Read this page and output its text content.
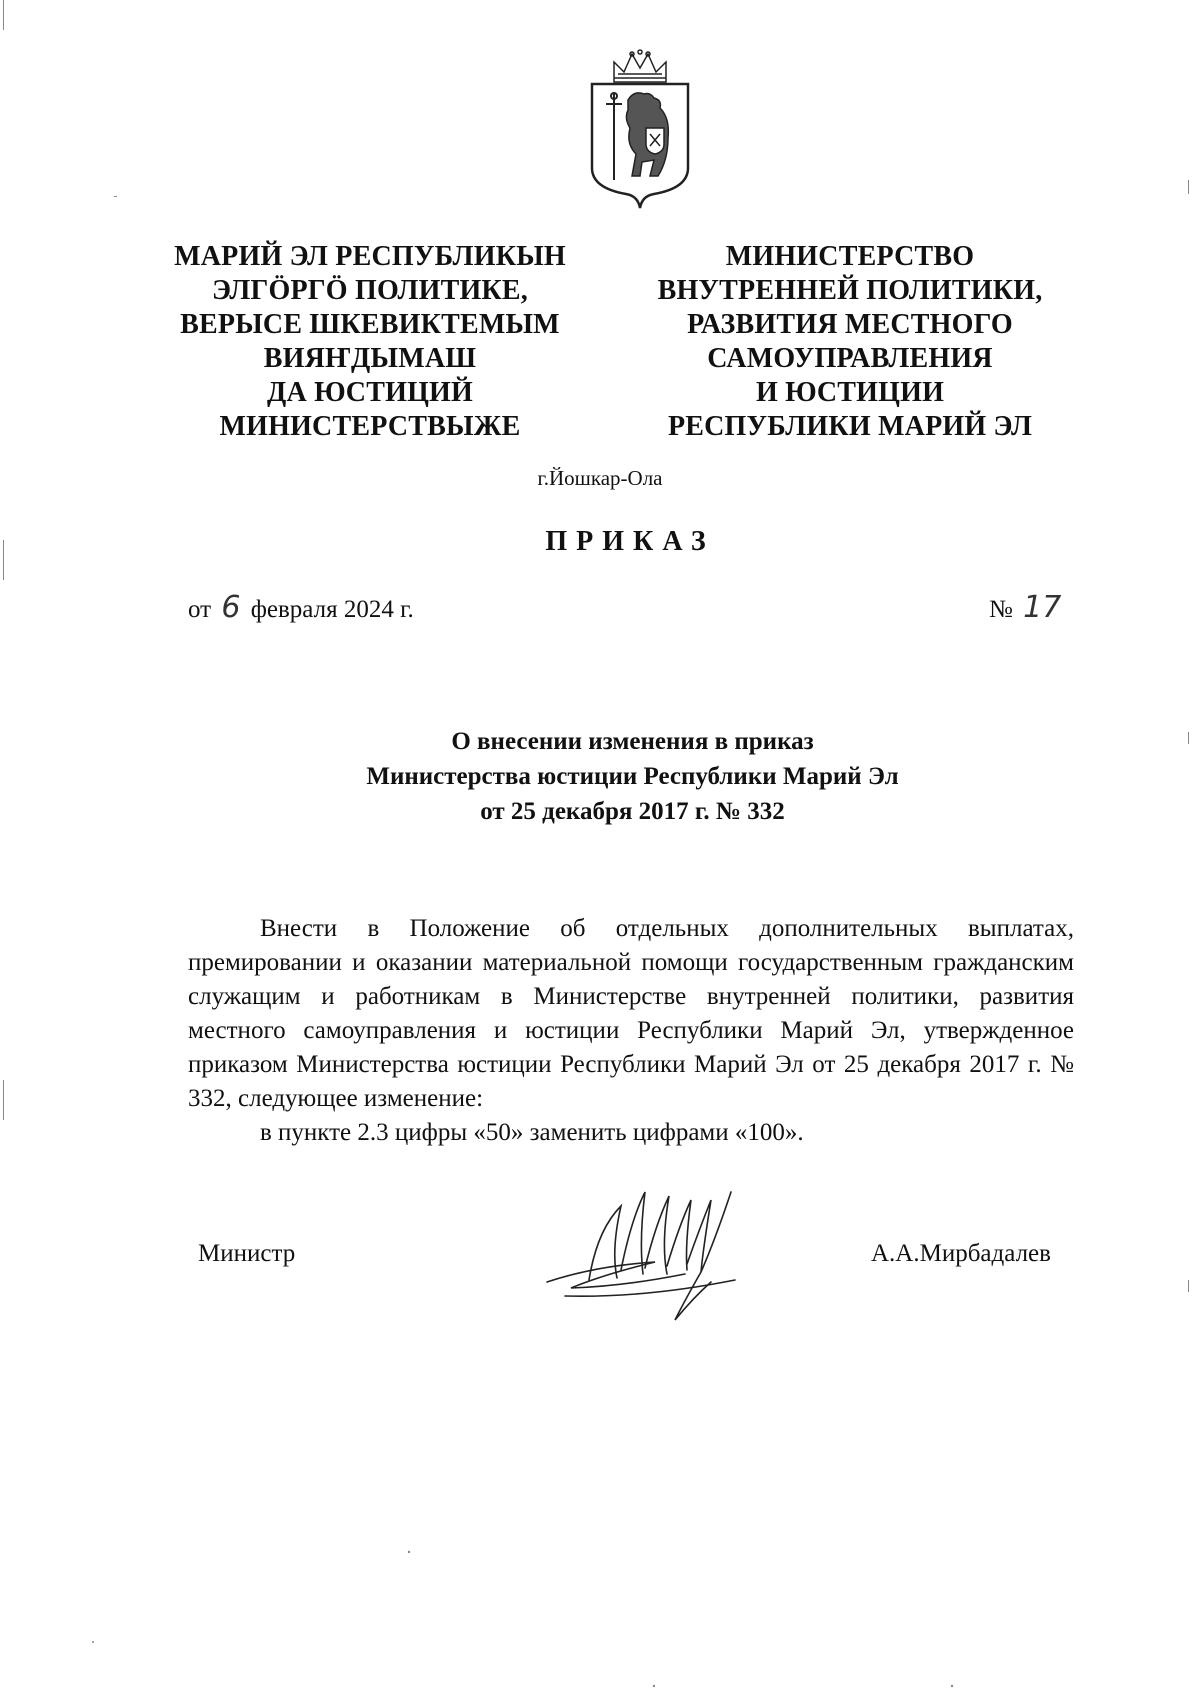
МАРИЙ ЭЛ РЕСПУБЛИКЫН
ЭЛГӦРГӦ ПОЛИТИКЕ,
ВЕРЫСЕ ШКЕВИКТЕМЫМ
ВИЯҤДЫМАШ
ДА ЮСТИЦИЙ
МИНИСТЕРСТВЫЖЕ
МИНИСТЕРСТВО
ВНУТРЕННЕЙ ПОЛИТИКИ,
РАЗВИТИЯ МЕСТНОГО
САМОУПРАВЛЕНИЯ
И ЮСТИЦИИ
РЕСПУБЛИКИ МАРИЙ ЭЛ
г.Йошкар-Ола
ПРИКАЗ
от 6 февраля 2024 г.	№ 17
О внесении изменения в приказ
Министерства юстиции Республики Марий Эл
от 25 декабря 2017 г. № 332

Внести в Положение об отдельных дополнительных выплатах, премировании и оказании материальной помощи государственным гражданским служащим и работникам в Министерстве внутренней политики, развития местного самоуправления и юстиции Республики Марий Эл, утвержденное приказом Министерства юстиции Республики Марий Эл от 25 декабря 2017 г. № 332, следующее изменение:

в пункте 2.3 цифры «50» заменить цифрами «100».

Министр	А.А.Мирбадалев
